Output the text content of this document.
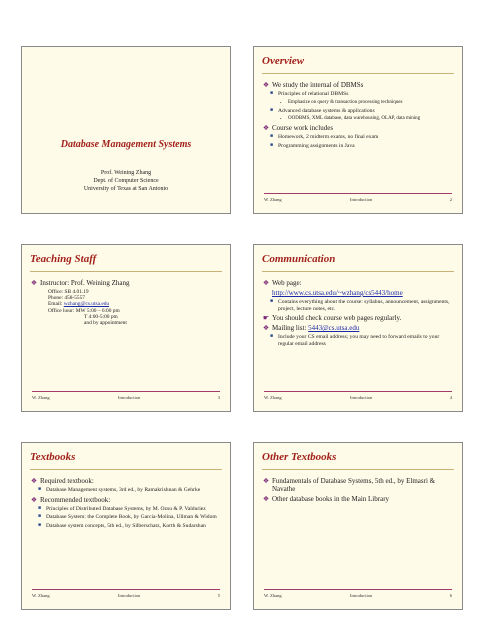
Database Management Systems
Prof. Weining Zhang
Dept. of Computer Science
University of Texas at San Antonio
Overview
❖ We study the internal of DBMSs
■ Principles of relational DBMSs
• Emphasize on query & transaction processing techniques
■ Advanced database systems & applications
• OODBMS, XML database, data warehousing, OLAP, data mining
❖ Course work includes
■ Homework, 2 midterm exams, no final exam
■ Programming assignments in Java
W. Zhang	Introduction	2
Teaching Staff
❖ Instructor: Prof. Weining Zhang
Office: SB 4.01.19
Phone: 458-5557
Email: wzhang@cs.utsa.edu
Office hour: MW 5:00 – 6:00 pm
T 4:00-5:00 pm
and by appointment
W. Zhang	Introduction	3
Communication
❖ Web page:
http://www.cs.utsa.edu/~wzhang/cs5443/home
■ Contains everything about the course: syllabus, announcement, assignments, project, lecture notes, etc.
☛ You should check course web pages regularly.
❖ Mailing list: 5443@cs.utsa.edu
■ Include your CS email address; you may need to forward emails to your regular email address
W. Zhang	Introduction	4
Textbooks
❖ Required textbook:
■ Database Management systems, 3rd ed., by Ramakrishnan & Gehrke
❖ Recommended textbook:
■ Principles of Distributed Database Systems, by M. Ozsu & P. Valduriez
■ Database System: the Complete Book, by Garcia-Molina, Ullman & Widom
■ Database system concepts, 5th ed., by Silberschatz, Korth & Sudarshan
W. Zhang	Introduction	5
Other Textbooks
❖ Fundamentals of Database Systems, 5th ed., by Elmasri & Navathe
❖ Other database books in the Main Library
W. Zhang	Introduction	6
